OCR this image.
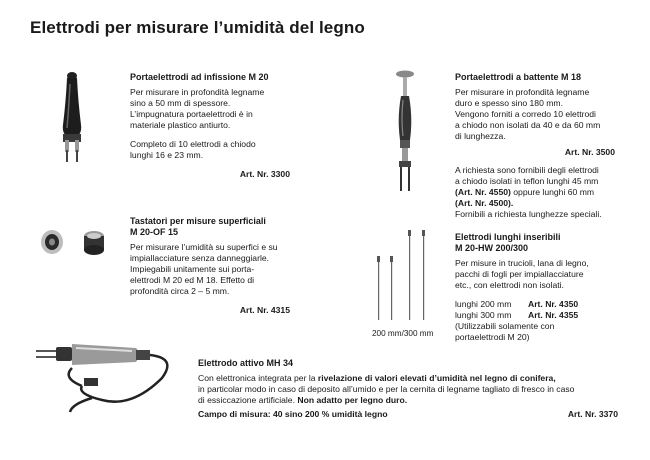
Elettrodi per misurare l’umidità del legno
Portaelettrodi ad infissione M 20
Per misurare in profondità legname
sino a 50 mm di spessore.
L’impugnatura portaelettrodi è in
materiale plastico antiurto.
Completo di 10 elettrodi a chiodo
lunghi 16 e 23 mm.
Art. Nr. 3300
Portaelettrodi a battente M 18
Per misurare in profondità legname
duro e spesso sino 180 mm.
Vengono forniti a corredo 10 elettrodi
a chiodo non isolati da 40 e da 60 mm
di lunghezza.
Art. Nr. 3500
A richiesta sono fornibili degli elettrodi
a chiodo isolati in teflon lunghi 45 mm
(Art. Nr. 4550) oppure lunghi 60 mm
(Art. Nr. 4500).
Fornibili a richiesta lunghezze speciali.
Tastatori per misure superficiali
M 20-OF 15
Per misurare l’umidità su superfici e su
impiallacciature senza danneggiarle.
Impiegabili unitamente sui porta-
elettrodi M 20 ed M 18. Effetto di
profondità circa 2 – 5 mm.
Art. Nr. 4315
200 mm/300 mm
Elettrodi lunghi inseribili
M 20-HW 200/300
Per misure in trucioli, lana di legno,
pacchi di fogli per impiallacciature
etc., con elettrodi non isolati.
lunghi 200 mm	Art. Nr. 4350
lunghi 300 mm	Art. Nr. 4355
(Utilizzabili solamente con
portaelettrodi M 20)
Elettrodo attivo MH 34
Con elettronica integrata per la rivelazione di valori elevati d’umidità nel legno di conifera,
in particolar modo in caso di deposito all’umido e per la cernita di legname tagliato di fresco in caso
di essiccazione artificiale. Non adatto per legno duro.
Campo di misura: 40 sino 200 % umidità legno	Art. Nr. 3370
